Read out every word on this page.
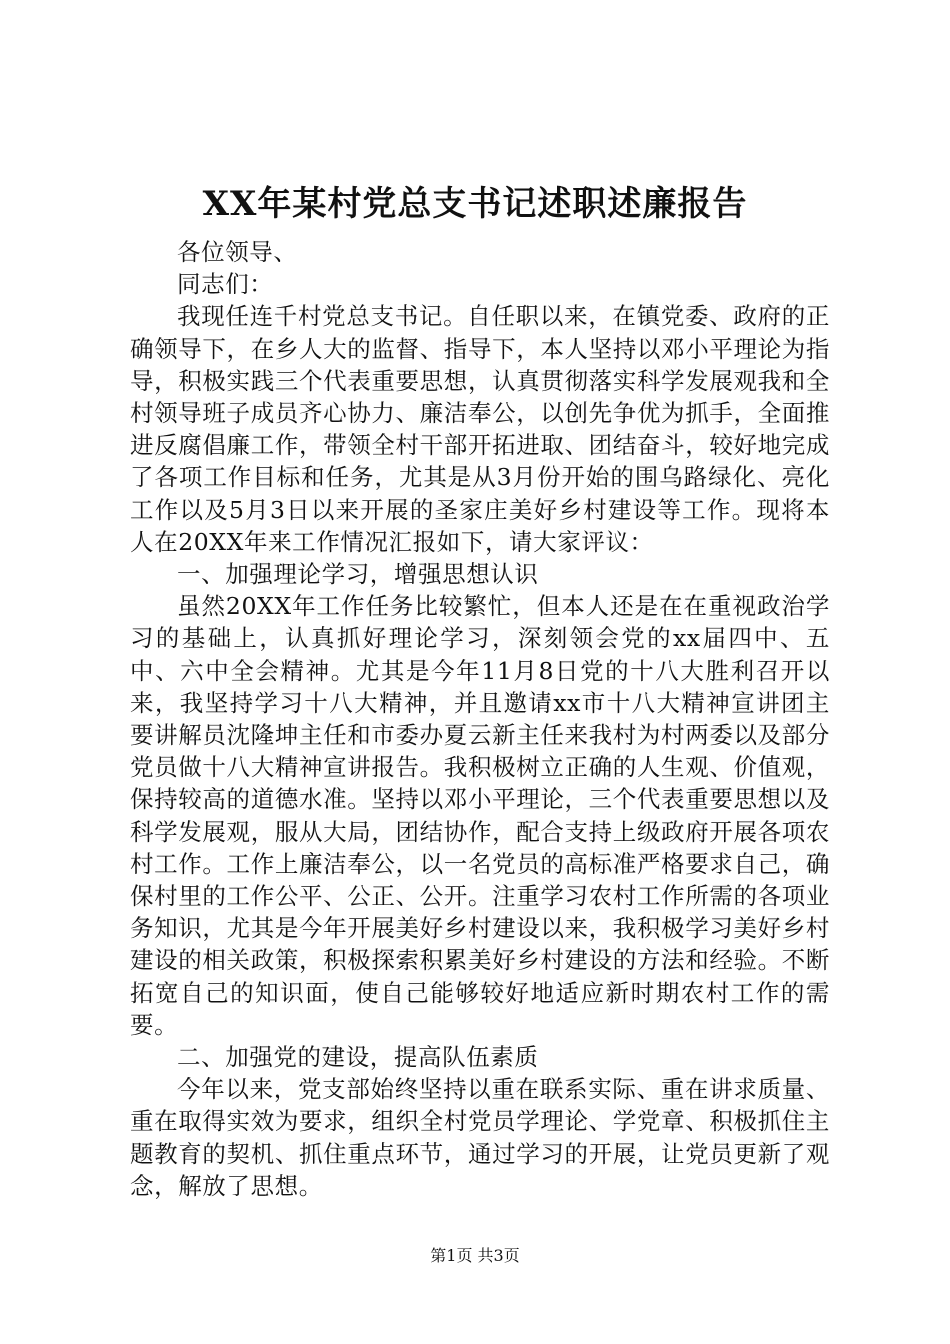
XX年某村党总支书记述职述廉报告

各位领导、

同志们：

我现任连千村党总支书记。自任职以来，在镇党委、政府的正确领导下，在乡人大的监督、指导下，本人坚持以邓小平理论为指导，积极实践三个代表重要思想，认真贯彻落实科学发展观我和全村领导班子成员齐心协力、廉洁奉公，以创先争优为抓手，全面推进反腐倡廉工作，带领全村干部开拓进取、团结奋斗，较好地完成了各项工作目标和任务，尤其是从3月份开始的围乌路绿化、亮化工作以及5月3日以来开展的圣家庄美好乡村建设等工作。现将本人在20XX年来工作情况汇报如下，请大家评议：

一、加强理论学习，增强思想认识

虽然20XX年工作任务比较繁忙，但本人还是在在重视政治学习的基础上，认真抓好理论学习，深刻领会党的xx届四中、五中、六中全会精神。尤其是今年11月8日党的十八大胜利召开以来，我坚持学习十八大精神，并且邀请xx市十八大精神宣讲团主要讲解员沈隆坤主任和市委办夏云新主任来我村为村两委以及部分党员做十八大精神宣讲报告。我积极树立正确的人生观、价值观，保持较高的道德水准。坚持以邓小平理论，三个代表重要思想以及科学发展观，服从大局，团结协作，配合支持上级政府开展各项农村工作。工作上廉洁奉公，以一名党员的高标准严格要求自己，确保村里的工作公平、公正、公开。注重学习农村工作所需的各项业务知识，尤其是今年开展美好乡村建设以来，我积极学习美好乡村建设的相关政策，积极探索积累美好乡村建设的方法和经验。不断拓宽自己的知识面，使自己能够较好地适应新时期农村工作的需要。

二、加强党的建设，提高队伍素质

今年以来，党支部始终坚持以重在联系实际、重在讲求质量、重在取得实效为要求，组织全村党员学理论、学党章、积极抓住主题教育的契机、抓住重点环节，通过学习的开展，让党员更新了观念，解放了思想。

第1页 共3页
